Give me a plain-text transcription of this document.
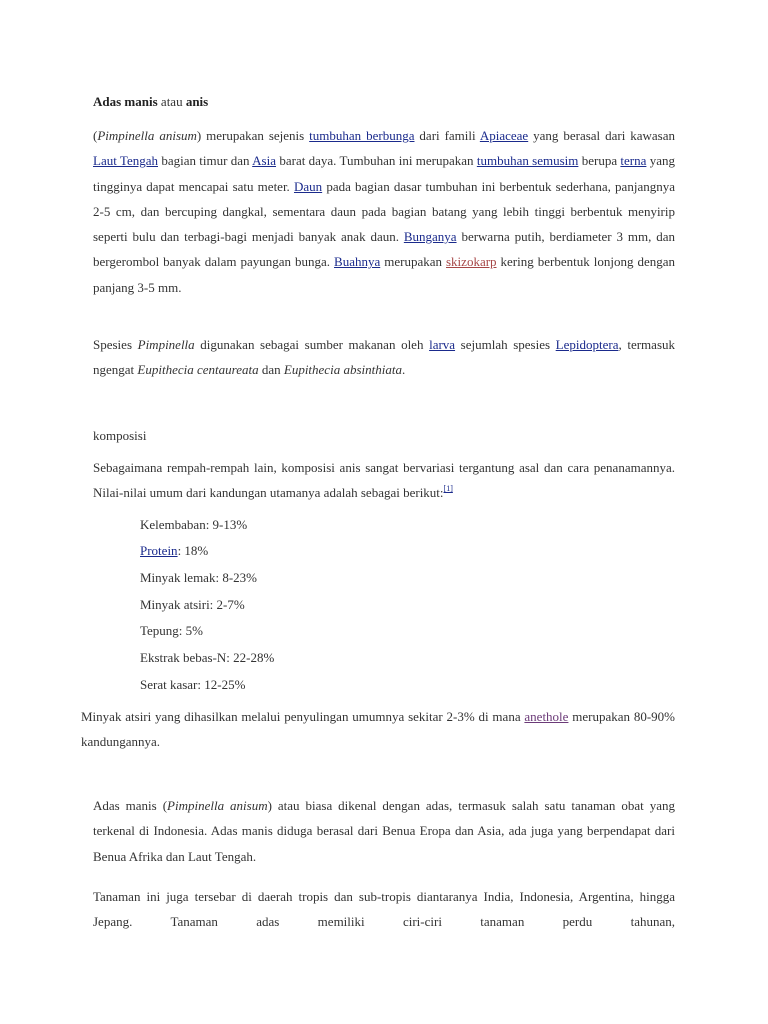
Adas manis atau anis

(Pimpinella anisum) merupakan sejenis tumbuhan berbunga dari famili Apiaceae yang berasal dari kawasan Laut Tengah bagian timur dan Asia barat daya. Tumbuhan ini merupakan tumbuhan semusim berupa terna yang tingginya dapat mencapai satu meter. Daun pada bagian dasar tumbuhan ini berbentuk sederhana, panjangnya 2-5 cm, dan bercuping dangkal, sementara daun pada bagian batang yang lebih tinggi berbentuk menyirip seperti bulu dan terbagi-bagi menjadi banyak anak daun. Bunganya berwarna putih, berdiameter 3 mm, dan bergerombol banyak dalam payungan bunga. Buahnya merupakan skizokarp kering berbentuk lonjong dengan panjang 3-5 mm.

Spesies Pimpinella digunakan sebagai sumber makanan oleh larva sejumlah spesies Lepidoptera, termasuk ngengat Eupithecia centaureata dan Eupithecia absinthiata.

komposisi

Sebagaimana rempah-rempah lain, komposisi anis sangat bervariasi tergantung asal dan cara penanamannya. Nilai-nilai umum dari kandungan utamanya adalah sebagai berikut:[1]

Kelembaban: 9-13%

Protein: 18%

Minyak lemak: 8-23%

Minyak atsiri: 2-7%

Tepung: 5%

Ekstrak bebas-N: 22-28%

Serat kasar: 12-25%

Minyak atsiri yang dihasilkan melalui penyulingan umumnya sekitar 2-3% di mana anethole merupakan 80-90% kandungannya.

Adas manis (Pimpinella anisum) atau biasa dikenal dengan adas, termasuk salah satu tanaman obat yang terkenal di Indonesia. Adas manis diduga berasal dari Benua Eropa dan Asia, ada juga yang berpendapat dari Benua Afrika dan Laut Tengah.

Tanaman ini juga tersebar di daerah tropis dan sub-tropis diantaranya India, Indonesia, Argentina, hingga Jepang. Tanaman adas memiliki ciri-ciri tanaman perdu tahunan,
